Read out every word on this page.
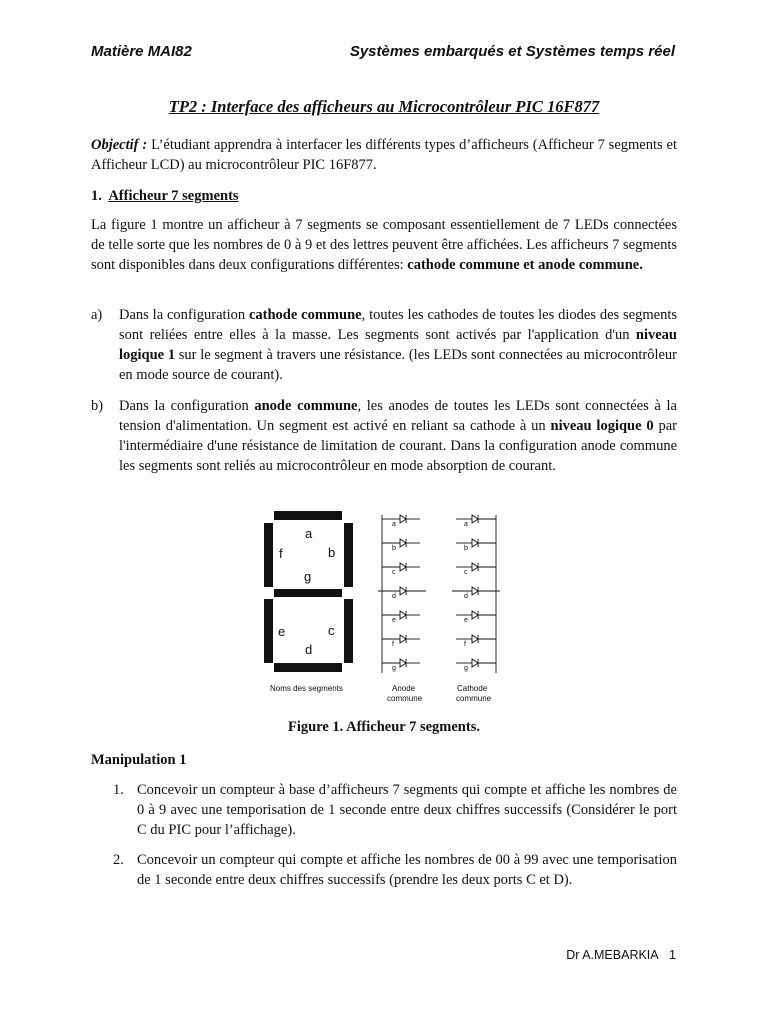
Matière MAI82	Systèmes embarqués et Systèmes temps réel
TP2 : Interface des afficheurs au Microcontrôleur PIC 16F877
Objectif : L’étudiant apprendra à interfacer les différents types d’afficheurs (Afficheur 7 segments et Afficheur LCD) au microcontrôleur PIC 16F877.
1. Afficheur 7 segments
La figure 1 montre un afficheur à 7 segments se composant essentiellement de 7 LEDs connectées de telle sorte que les nombres de 0 à 9 et des lettres peuvent être affichées. Les afficheurs 7 segments sont disponibles dans deux configurations différentes: cathode commune et anode commune.
a) Dans la configuration cathode commune, toutes les cathodes de toutes les diodes des segments sont reliées entre elles à la masse. Les segments sont activés par l'application d'un niveau logique 1 sur le segment à travers une résistance. (les LEDs sont connectées au microcontrôleur en mode source de courant).
b) Dans la configuration anode commune, les anodes de toutes les LEDs sont connectées à la tension d'alimentation. Un segment est activé en reliant sa cathode à un niveau logique 0 par l'intermédiaire d'une résistance de limitation de courant. Dans la configuration anode commune les segments sont reliés au microcontrôleur en mode absorption de courant.
a
b
c
d
e
f
g
a
b
c
d
e
f
g
a
b
c
d
e
f
g
Noms des segments	Anode
commune
Cathode
commune
Figure 1. Afficheur 7 segments.
Manipulation 1
1. Concevoir un compteur à base d’afficheurs 7 segments qui compte et affiche les nombres de 0 à 9 avec une temporisation de 1 seconde entre deux chiffres successifs (Considérer le port C du PIC pour l’affichage).
2. Concevoir un compteur qui compte et affiche les nombres de 00 à 99 avec une temporisation de 1 seconde entre deux chiffres successifs (prendre les deux ports C et D).
Dr A.MEBARKIA 1
